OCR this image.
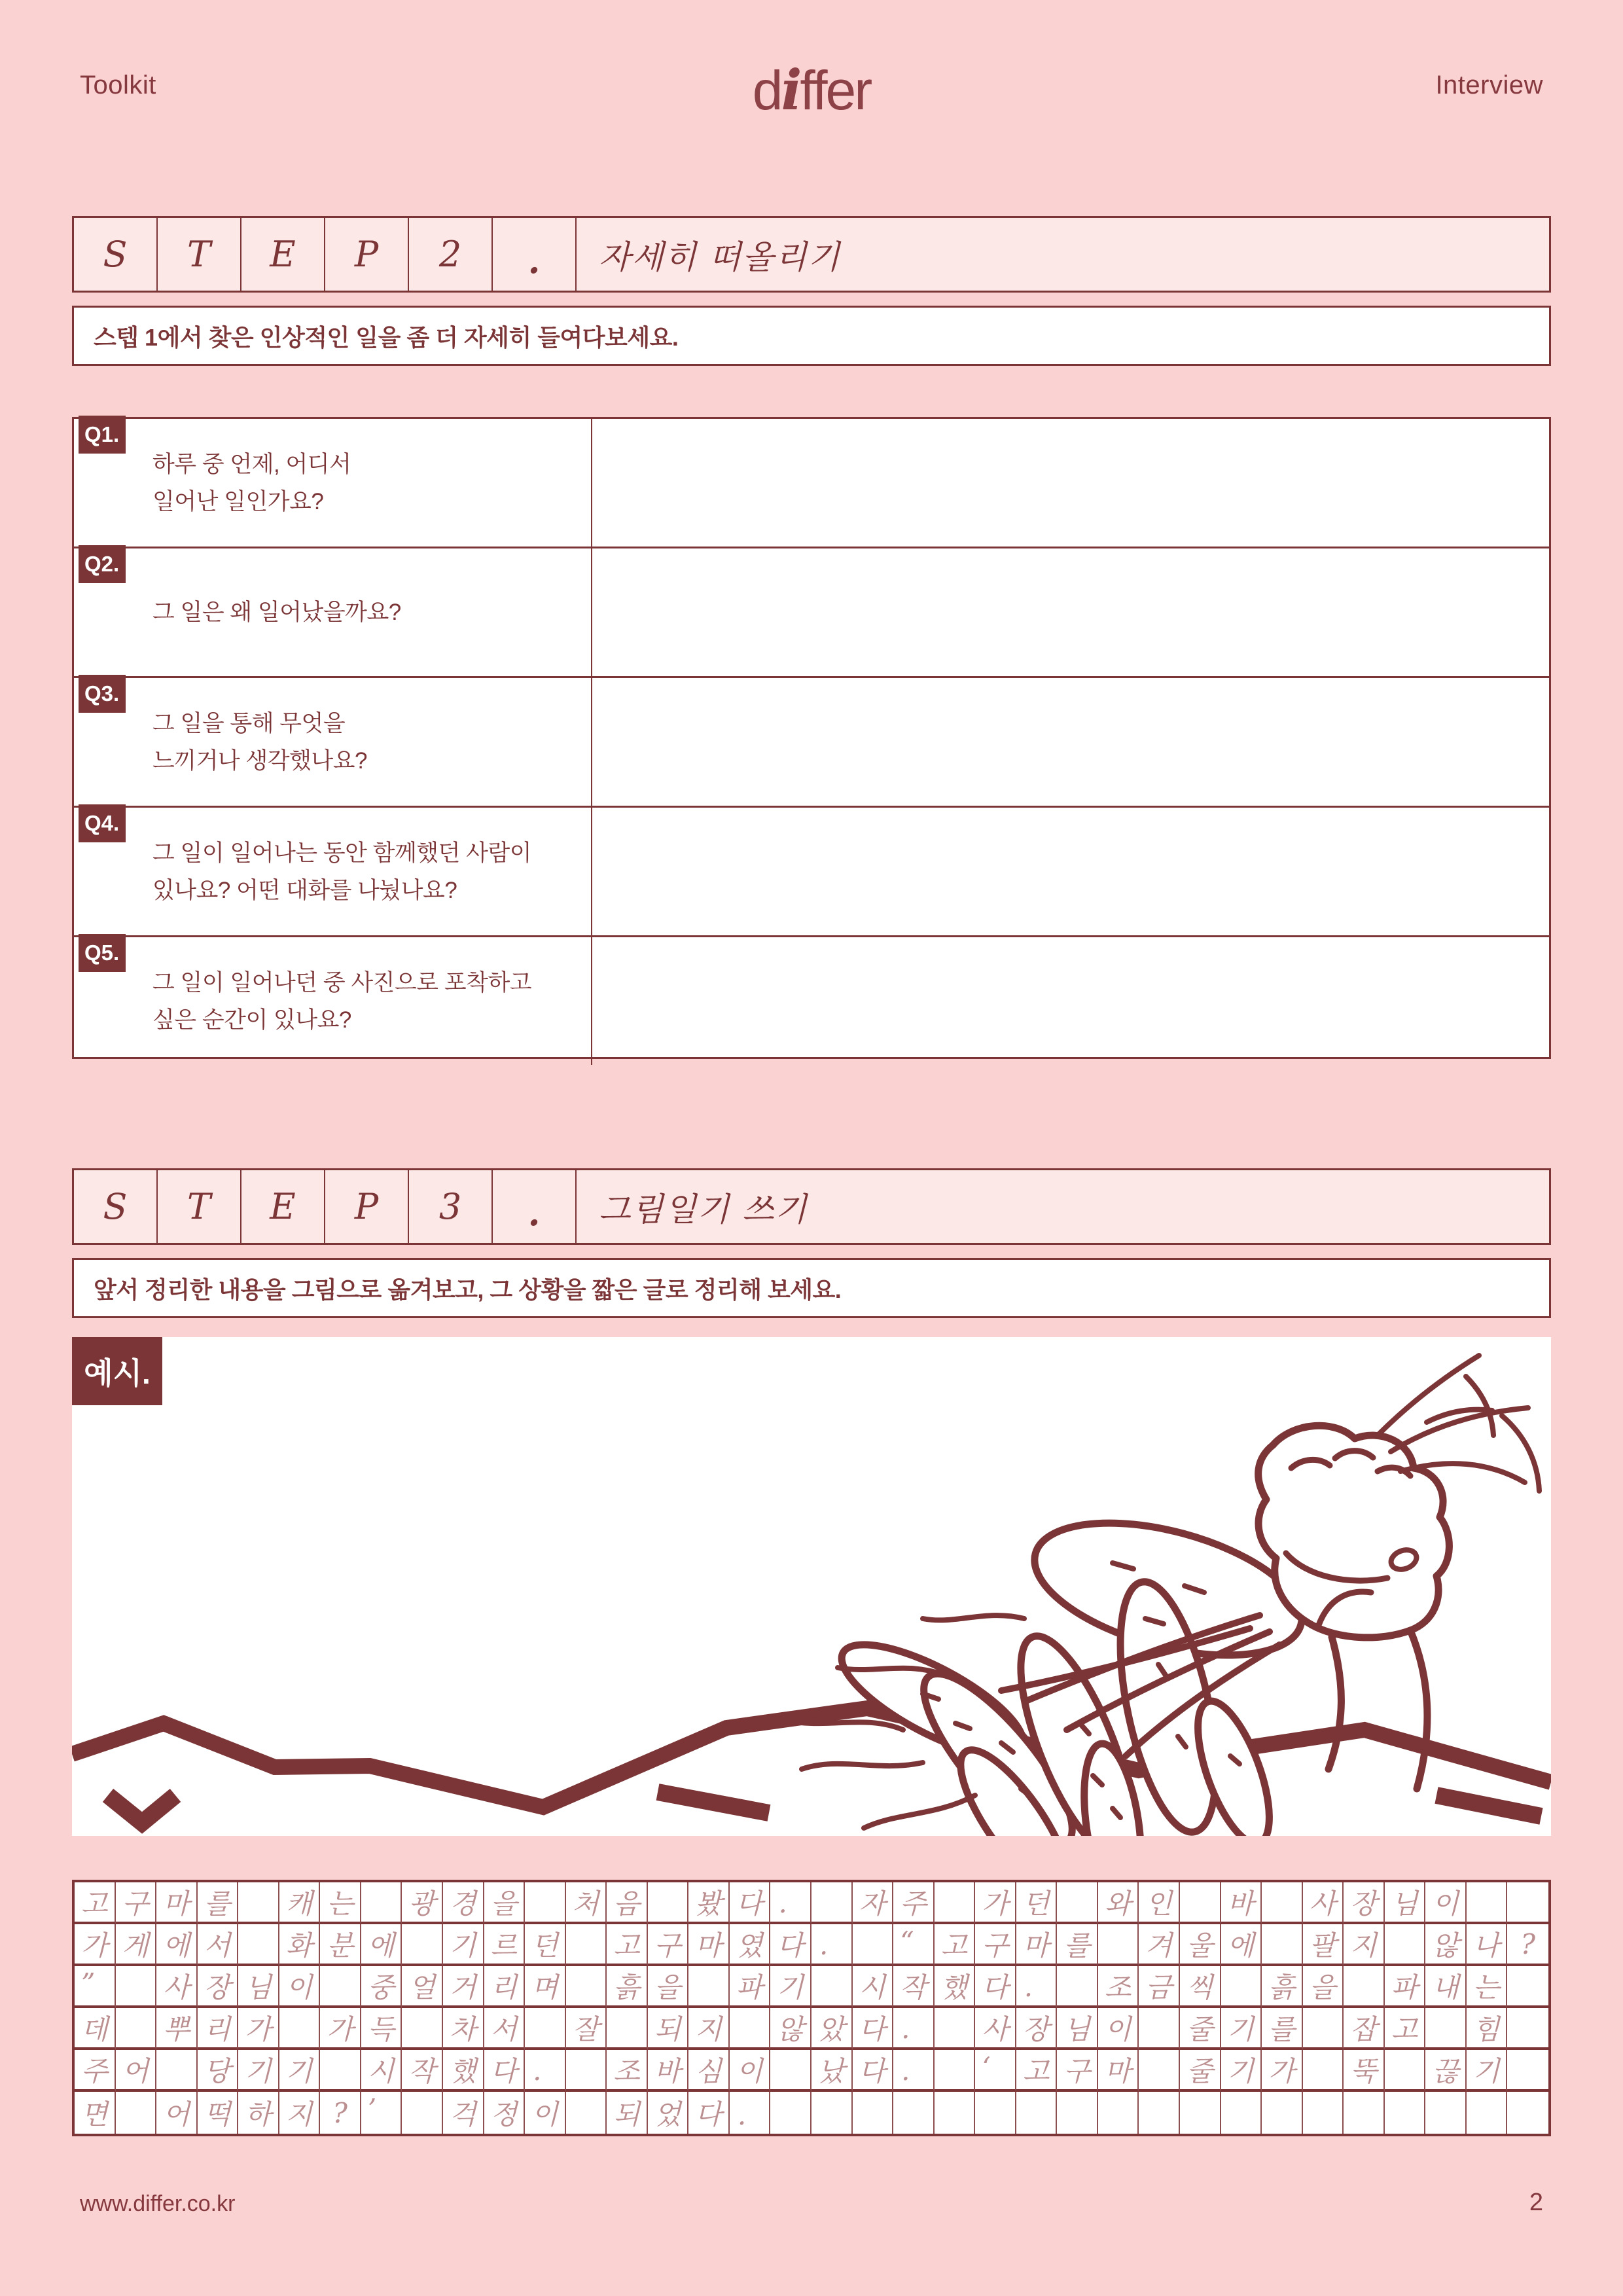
Toolkit	differ	Interview
S	T	E	P	2	.	자세히 떠올리기
스텝 1에서 찾은 인상적인 일을 좀 더 자세히 들여다보세요.
Q1.
하루 중 언제, 어디서
일어난 일인가요?
Q2.
그 일은 왜 일어났을까요?
Q3.
그 일을 통해 무엇을
느끼거나 생각했나요?
Q4.
그 일이 일어나는 동안 함께했던 사람이
있나요? 어떤 대화를 나눴나요?
Q5.
그 일이 일어나던 중 사진으로 포착하고
싶은 순간이 있나요?
S	T	E	P	3	.	그림일기 쓰기
앞서 정리한 내용을 그림으로 옮겨보고, 그 상황을 짧은 글로 정리해 보세요.
예시.
고 구 마 를 캐 는 광 경 을 처 음 봤 다 .	자 주 가 던 와 인 바 사 장 님 이
가 게 에 서 화 분 에 기 르 던 고 구 마 였 다 .	“ 고 구 마 를 겨 울 에 팔 지 않 나 ?
”	사 장 님 이 중 얼 거 리 며 흙 을 파 기 시 작 했 다 .	조 금 씩 흙 을 파 내 는
데 뿌 리 가 가 득 차 서 잘 되 지 않 았 다 .	사 장 님 이 줄 기 를 잡 고 힘
주 어 당 기 기 시 작 했 다 .	조 바 심 이 났 다 .	‘	고 구 마 줄 기 가 뚝 끊 기
면 어 떡 하 지 ? ’	걱 정 이 되 었 다 .
www.differ.co.kr	2
